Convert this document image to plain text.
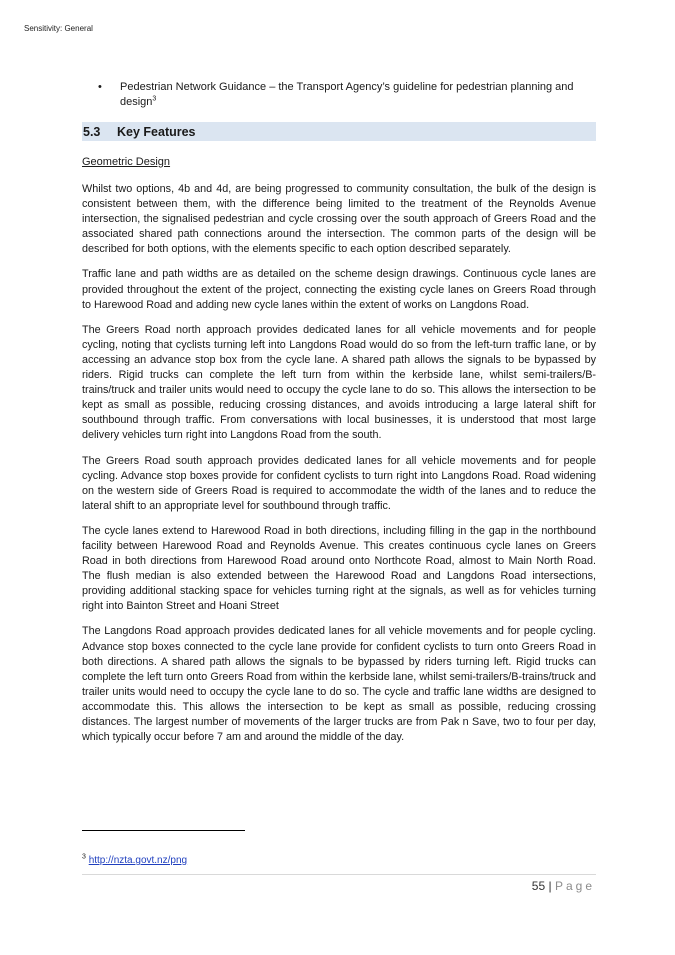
Sensitivity: General
•	Pedestrian Network Guidance – the Transport Agency’s guideline for pedestrian planning and design$^3$
5.3	Key Features
Geometric Design

Whilst two options, 4b and 4d, are being progressed to community consultation, the bulk of the design is consistent between them, with the difference being limited to the treatment of the Reynolds Avenue intersection, the signalised pedestrian and cycle crossing over the south approach of Greers Road and the associated shared path connections around the intersection. The common parts of the design will be described for both options, with the elements specific to each option described separately.

Traffic lane and path widths are as detailed on the scheme design drawings. Continuous cycle lanes are provided throughout the extent of the project, connecting the existing cycle lanes on Greers Road through to Harewood Road and adding new cycle lanes within the extent of works on Langdons Road.

The Greers Road north approach provides dedicated lanes for all vehicle movements and for people cycling, noting that cyclists turning left into Langdons Road would do so from the left-turn traffic lane, or by accessing an advance stop box from the cycle lane. A shared path allows the signals to be bypassed by riders. Rigid trucks can complete the left turn from within the kerbside lane, whilst semi-trailers/B-trains/truck and trailer units would need to occupy the cycle lane to do so. This allows the intersection to be kept as small as possible, reducing crossing distances, and avoids introducing a large lateral shift for southbound through traffic. From conversations with local businesses, it is understood that most large delivery vehicles turn right into Langdons Road from the south.

The Greers Road south approach provides dedicated lanes for all vehicle movements and for people cycling. Advance stop boxes provide for confident cyclists to turn right into Langdons Road. Road widening on the western side of Greers Road is required to accommodate the width of the lanes and to reduce the lateral shift to an appropriate level for southbound through traffic.

The cycle lanes extend to Harewood Road in both directions, including filling in the gap in the northbound facility between Harewood Road and Reynolds Avenue. This creates continuous cycle lanes on Greers Road in both directions from Harewood Road around onto Northcote Road, almost to Main North Road. The flush median is also extended between the Harewood Road and Langdons Road intersections, providing additional stacking space for vehicles turning right at the signals, as well as for vehicles turning right into Bainton Street and Hoani Street

The Langdons Road approach provides dedicated lanes for all vehicle movements and for people cycling. Advance stop boxes connected to the cycle lane provide for confident cyclists to turn onto Greers Road in both directions. A shared path allows the signals to be bypassed by riders turning left. Rigid trucks can complete the left turn onto Greers Road from within the kerbside lane, whilst semi-trailers/B-trains/truck and trailer units would need to occupy the cycle lane to do so. The cycle and traffic lane widths are designed to accommodate this. This allows the intersection to be kept as small as possible, reducing crossing distances. The largest number of movements of the larger trucks are from Pak n Save, two to four per day, which typically occur before 7 am and around the middle of the day.

$^3$ http://nzta.govt.nz/png
55 | Page
